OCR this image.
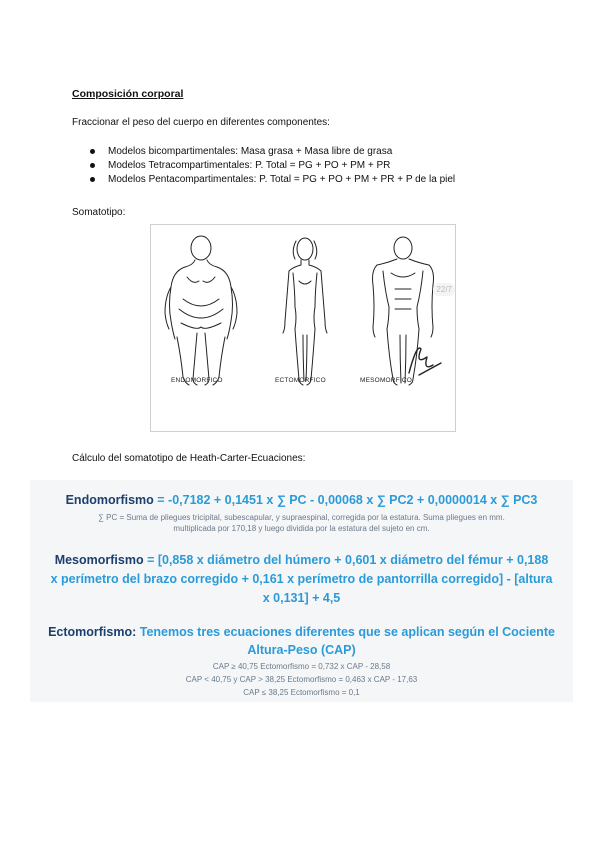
Composición corporal
Fraccionar el peso del cuerpo en diferentes componentes:
Modelos bicompartimentales: Masa grasa + Masa libre de grasa
Modelos Tetracompartimentales: P. Total = PG + PO + PM + PR
Modelos Pentacompartimentales: P. Total = PG + PO + PM + PR + P de la piel
Somatotipo:
ENDOMORFICO	ECTOMORFICO	MESOMORFICO
22/7
Cálculo del somatotipo de Heath-Carter-Ecuaciones:
Endomorfismo = -0,7182 + 0,1451 x ∑ PC - 0,00068 x ∑ PC2 + 0,0000014 x ∑ PC3
∑ PC = Suma de pliegues tricipital, subescapular, y supraespinal, corregida por la estatura. Suma pliegues en mm.
multiplicada por 170,18 y luego dividida por la estatura del sujeto en cm.
Mesomorfismo = [0,858 x diámetro del húmero + 0,601 x diámetro del fémur + 0,188
x perímetro del brazo corregido + 0,161 x perímetro de pantorrilla corregido] - [altura
x 0,131] + 4,5
Ectomorfismo: Tenemos tres ecuaciones diferentes que se aplican según el Cociente
Altura-Peso (CAP)
CAP ≥ 40,75 Ectomorfismo = 0,732 x CAP - 28,58
CAP < 40,75 y CAP > 38,25 Ectomorfismo = 0,463 x CAP - 17,63
CAP ≤ 38,25 Ectomorfismo = 0,1
